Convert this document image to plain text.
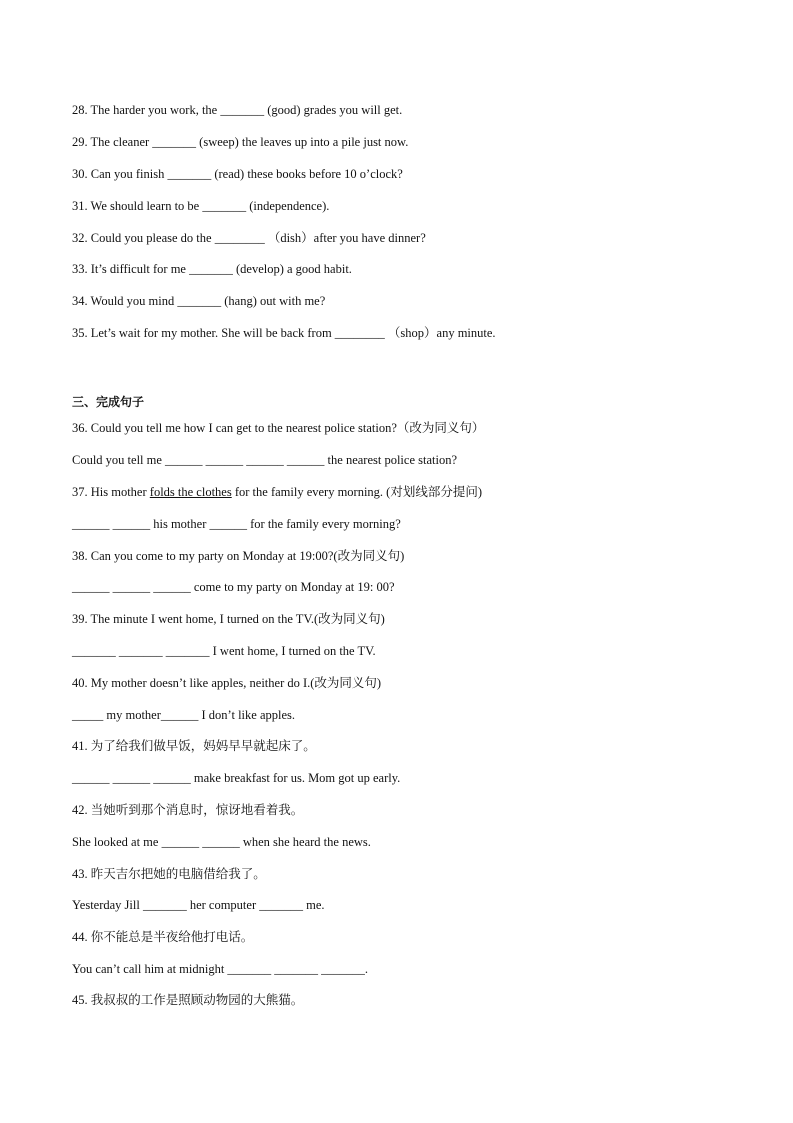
28. The harder you work, the _______ (good) grades you will get.
29. The cleaner _______ (sweep) the leaves up into a pile just now.
30. Can you finish _______ (read) these books before 10 o’clock?
31. We should learn to be _______ (independence).
32. Could you please do the ________ （dish）after you have dinner?
33. It’s difficult for me _______ (develop) a good habit.
34. Would you mind _______ (hang) out with me?
35. Let’s wait for my mother. She will be back from ________ （shop）any minute.
三、完成句子
36. Could you tell me how I can get to the nearest police station?（改为同义句）
Could you tell me ______ ______ ______ ______ the nearest police station?
37. His mother folds the clothes for the family every morning. (对划线部分提问)
______ ______ his mother ______ for the family every morning?
38. Can you come to my party on Monday at 19:00?(改为同义句)
______ ______ ______ come to my party on Monday at 19: 00?
39. The minute I went home, I turned on the TV.(改为同义句)
_______ _______ _______ I went home, I turned on the TV.
40. My mother doesn’t like apples, neither do I.(改为同义句)
_____ my mother______ I don’t like apples.
41. 为了给我们做早饭，妈妈早早就起床了。
______ ______ ______ make breakfast for us. Mom got up early.
42. 当她听到那个消息时，惊讶地看着我。
She looked at me ______ ______ when she heard the news.
43. 昨天吉尔把她的电脑借给我了。
Yesterday Jill _______ her computer _______ me.
44. 你不能总是半夜给他打电话。
You can’t call him at midnight _______ _______ _______.
45. 我叔叔的工作是照顾动物园的大熊猫。
